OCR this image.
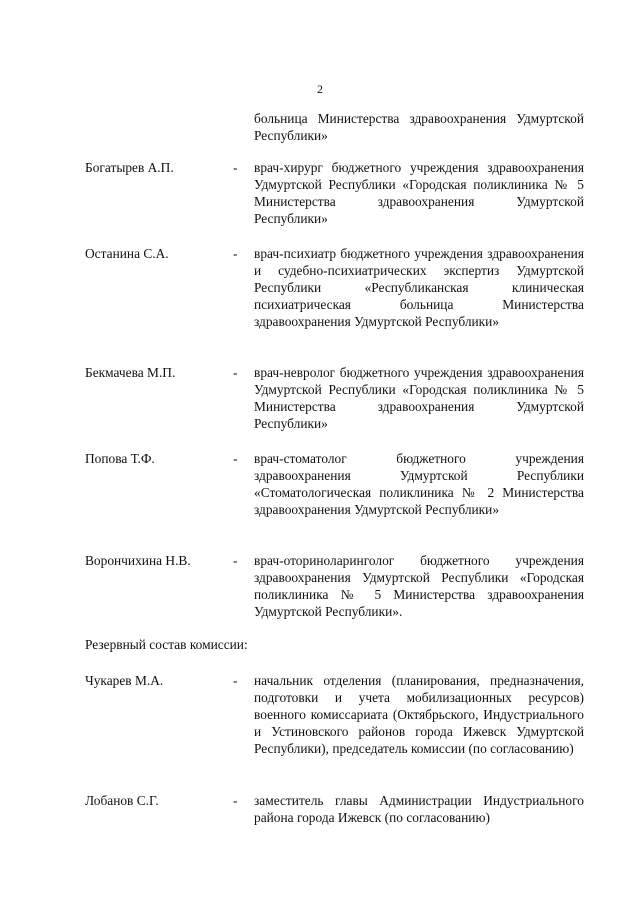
2
больница Министерства здравоохранения Удмуртской Республики»
Богатырев А.П.	-	врач-хирург бюджетного учреждения здравоохранения Удмуртской Республики «Городская поликлиника № 5 Министерства здравоохранения Удмуртской Республики»
Останина С.А.	-	врач-психиатр бюджетного учреждения здравоохранения и судебно-психиатрических экспертиз Удмуртской Республики «Республиканская клиническая психиатрическая больница Министерства здравоохранения Удмуртской Республики»
Бекмачева М.П.	-	врач-невролог бюджетного учреждения здравоохранения Удмуртской Республики «Городская поликлиника № 5 Министерства здравоохранения Удмуртской Республики»
Попова Т.Ф.	-	врач-стоматолог бюджетного учреждения здравоохранения Удмуртской Республики «Стоматологическая поликлиника № 2 Министерства здравоохранения Удмуртской Республики»
Ворончихина Н.В.	-	врач-оториноларинголог бюджетного учреждения здравоохранения Удмуртской Республики «Городская поликлиника № 5 Министерства здравоохранения Удмуртской Республики».
Резервный состав комиссии:
Чукарев М.А.	-	начальник отделения (планирования, предназначения, подготовки и учета мобилизационных ресурсов) военного комиссариата (Октябрьского, Индустриального и Устиновского районов города Ижевск Удмуртской Республики), председатель комиссии (по согласованию)
Лобанов С.Г.	-	заместитель главы Администрации Индустриального района города Ижевск (по согласованию)
